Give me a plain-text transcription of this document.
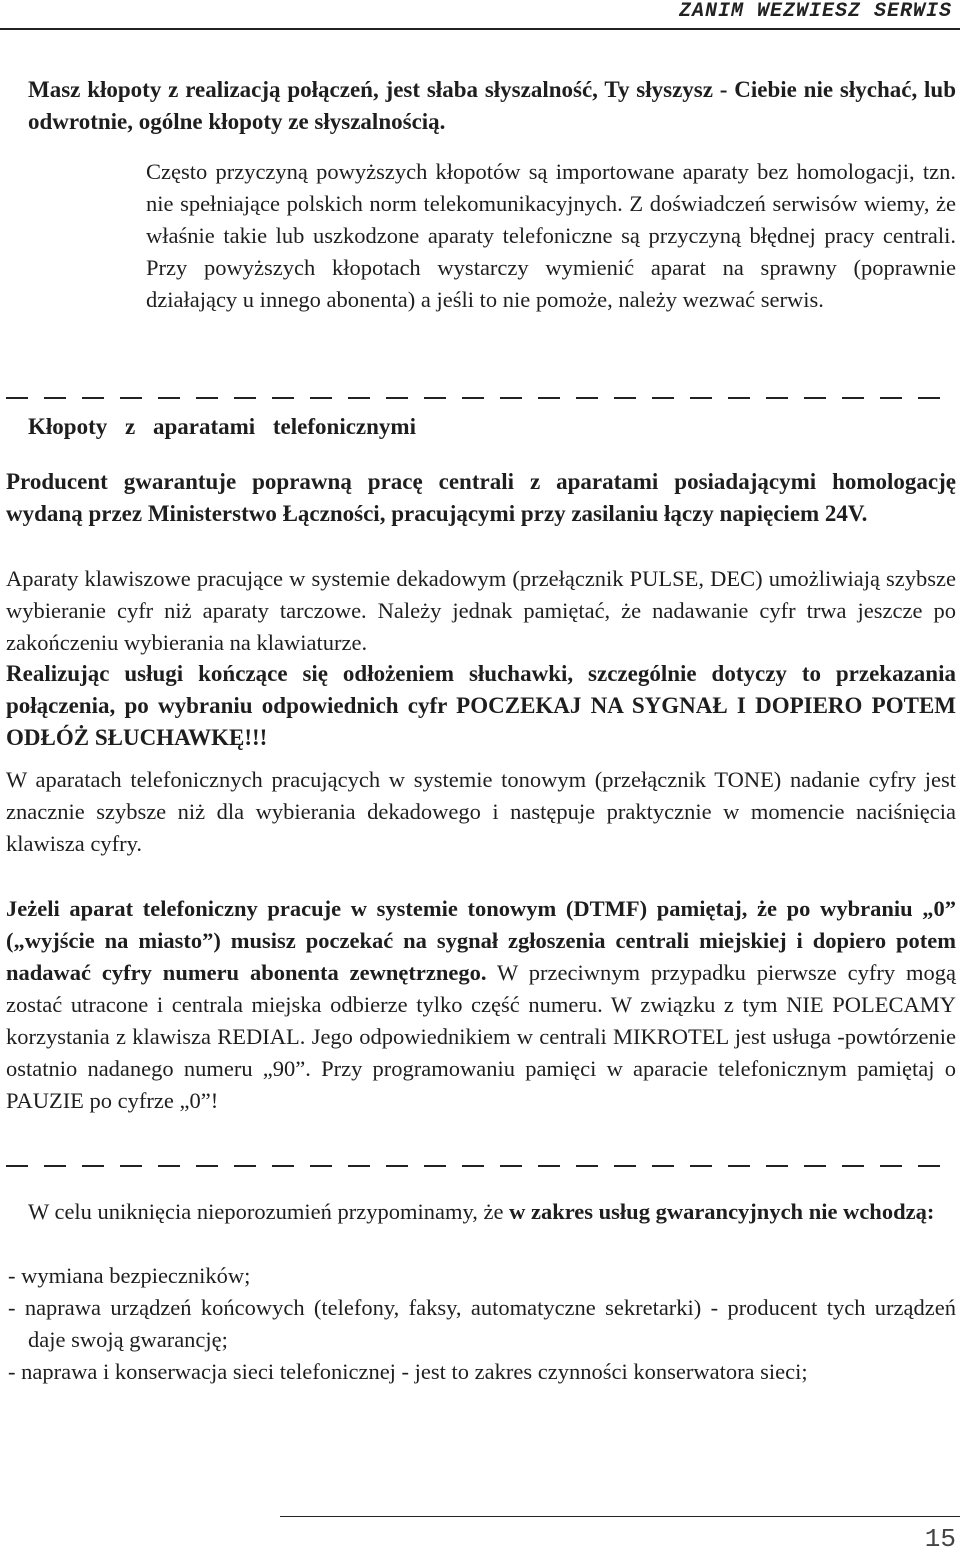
ZANIM WEZWIESZ SERWIS

Masz kłopoty z realizacją połączeń, jest słaba słyszalność, Ty słyszysz - Ciebie nie słychać, lub odwrotnie, ogólne kłopoty ze słyszalnością.

Często przyczyną powyższych kłopotów są importowane aparaty bez homologacji, tzn. nie spełniające polskich norm telekomunikacyjnych. Z doświadczeń serwisów wiemy, że właśnie takie lub uszkodzone aparaty telefoniczne są przyczyną błędnej pracy centrali. Przy powyższych kłopotach wystarczy wymienić aparat na sprawny (poprawnie działający u innego abonenta) a jeśli to nie pomoże, należy wezwać serwis.

Kłopoty z aparatami telefonicznymi

Producent gwarantuje poprawną pracę centrali z aparatami posiadającymi homologację wydaną przez Ministerstwo Łączności, pracującymi przy zasilaniu łączy napięciem 24V.

Aparaty klawiszowe pracujące w systemie dekadowym (przełącznik PULSE, DEC) umożliwiają szybsze wybieranie cyfr niż aparaty tarczowe. Należy jednak pamiętać, że nadawanie cyfr trwa jeszcze po zakończeniu wybierania na klawiaturze.

Realizując usługi kończące się odłożeniem słuchawki, szczególnie dotyczy to przekazania połączenia, po wybraniu odpowiednich cyfr POCZEKAJ NA SYGNAŁ I DOPIERO POTEM ODŁÓŻ SŁUCHAWKĘ!!!

W aparatach telefonicznych pracujących w systemie tonowym (przełącznik TONE) nadanie cyfry jest znacznie szybsze niż dla wybierania dekadowego i następuje praktycznie w momencie naciśnięcia klawisza cyfry.

Jeżeli aparat telefoniczny pracuje w systemie tonowym (DTMF) pamiętaj, że po wybraniu „0” („wyjście na miasto”) musisz poczekać na sygnał zgłoszenia centrali miejskiej i dopiero potem nadawać cyfry numeru abonenta zewnętrznego. W przeciwnym przypadku pierwsze cyfry mogą zostać utracone i centrala miejska odbierze tylko część numeru. W związku z tym NIE POLECAMY korzystania z klawisza REDIAL. Jego odpowiednikiem w centrali MIKROTEL jest usługa -powtórzenie ostatnio nadanego numeru „90”. Przy programowaniu pamięci w aparacie telefonicznym pamiętaj o PAUZIE po cyfrze „0”!

W celu uniknięcia nieporozumień przypominamy, że w zakres usług gwarancyjnych nie wchodzą:

- wymiana bezpieczników;
- naprawa urządzeń końcowych (telefony, faksy, automatyczne sekretarki) - producent tych urządzeń daje swoją gwarancję;
- naprawa i konserwacja sieci telefonicznej - jest to zakres czynności konserwatora sieci;
15
